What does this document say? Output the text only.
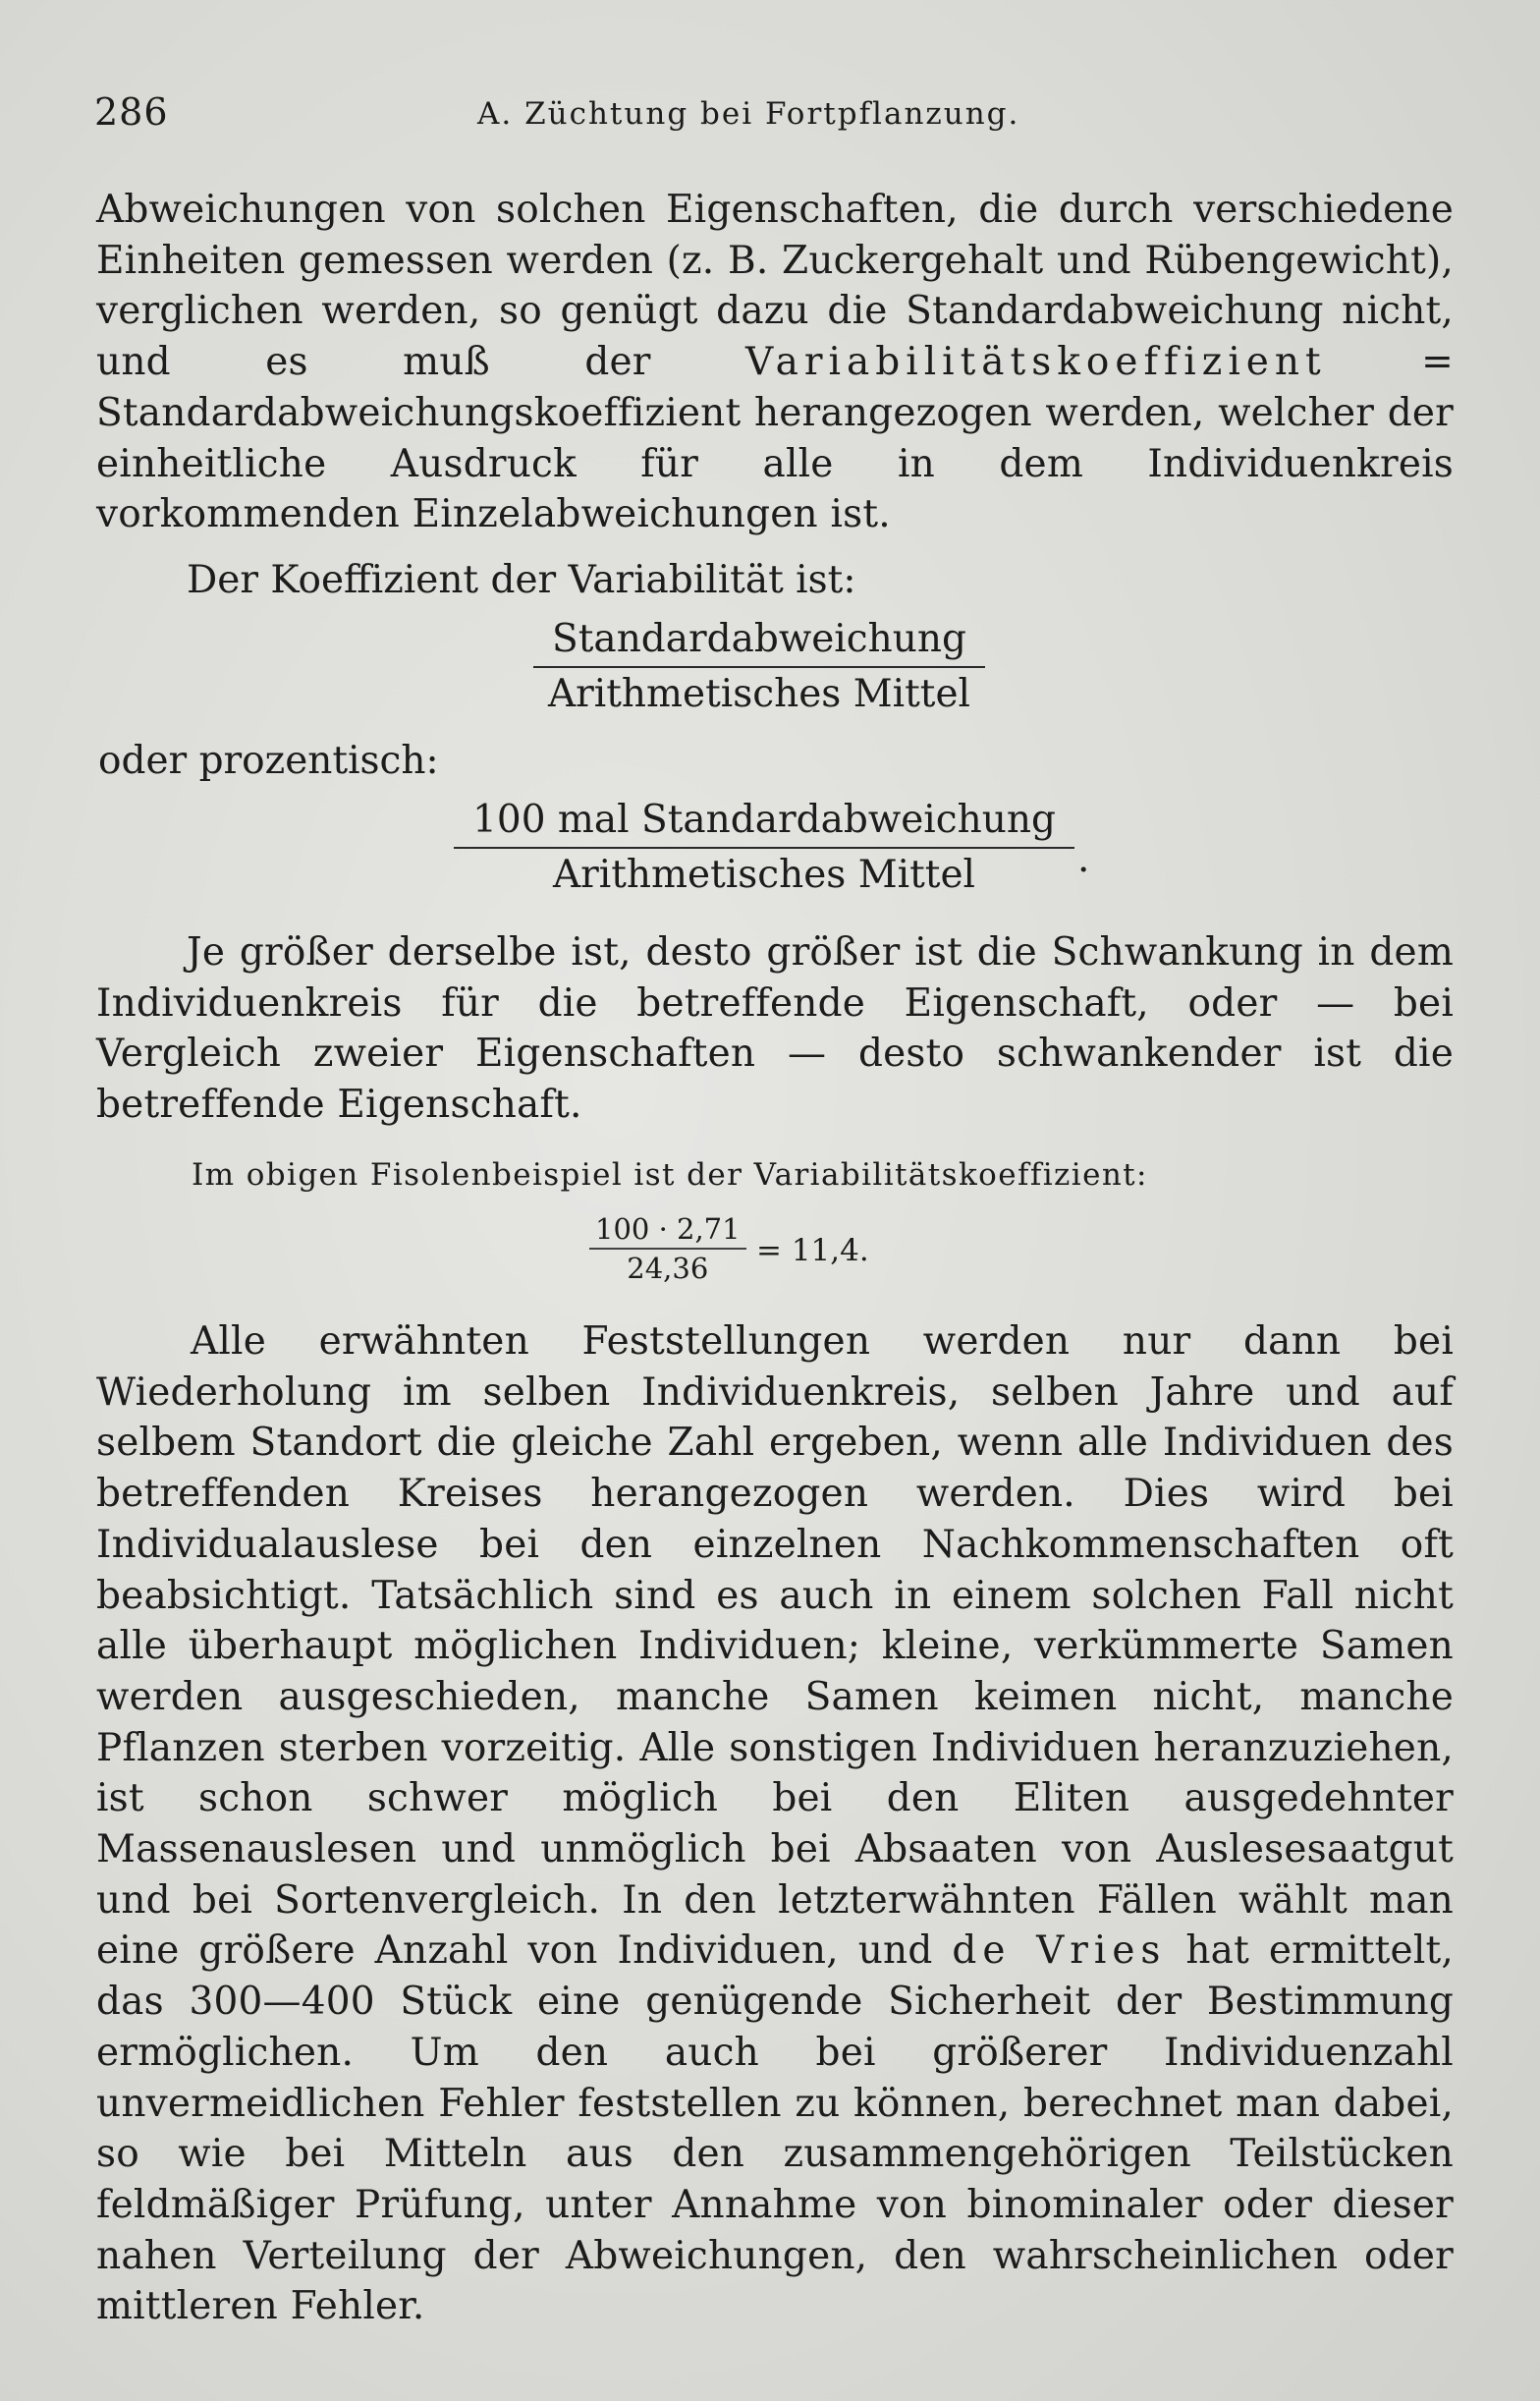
286	A. Züchtung bei Fortpflanzung.

Abweichungen von solchen Eigenschaften, die durch verschiedene Einheiten gemessen werden (z. B. Zuckergehalt und Rübengewicht), verglichen werden, so genügt dazu die Standardabweichung nicht, und es muß der Variabilitätskoeffizient = Standardabweichungskoeffizient herangezogen werden, welcher der einheitliche Ausdruck für alle in dem Individuenkreis vorkommenden Einzelabweichungen ist.

Der Koeffizient der Variabilität ist:
Standardabweichung
Arithmetisches Mittel
oder prozentisch:
100 mal Standardabweichung
Arithmetisches Mittel	.

Je größer derselbe ist, desto größer ist die Schwankung in dem Individuenkreis für die betreffende Eigenschaft, oder — bei Vergleich zweier Eigenschaften — desto schwankender ist die betreffende Eigenschaft.

Im obigen Fisolenbeispiel ist der Variabilitätskoeffizient:
100 · 2,71
24,36	= 11,4.

Alle erwähnten Feststellungen werden nur dann bei Wiederholung im selben Individuenkreis, selben Jahre und auf selbem Standort die gleiche Zahl ergeben, wenn alle Individuen des betreffenden Kreises herangezogen werden. Dies wird bei Individualauslese bei den einzelnen Nachkommenschaften oft beabsichtigt. Tatsächlich sind es auch in einem solchen Fall nicht alle überhaupt möglichen Individuen; kleine, verkümmerte Samen werden ausgeschieden, manche Samen keimen nicht, manche Pflanzen sterben vorzeitig. Alle sonstigen Individuen heranzuziehen, ist schon schwer möglich bei den Eliten ausgedehnter Massenauslesen und unmöglich bei Absaaten von Auslesesaatgut und bei Sortenvergleich. In den letzterwähnten Fällen wählt man eine größere Anzahl von Individuen, und de Vries hat ermittelt, das 300—400 Stück eine genügende Sicherheit der Bestimmung ermöglichen. Um den auch bei größerer Individuenzahl unvermeidlichen Fehler feststellen zu können, berechnet man dabei, so wie bei Mitteln aus den zusammengehörigen Teilstücken feldmäßiger Prüfung, unter Annahme von binominaler oder dieser nahen Verteilung der Abweichungen, den wahrscheinlichen oder mittleren Fehler.
